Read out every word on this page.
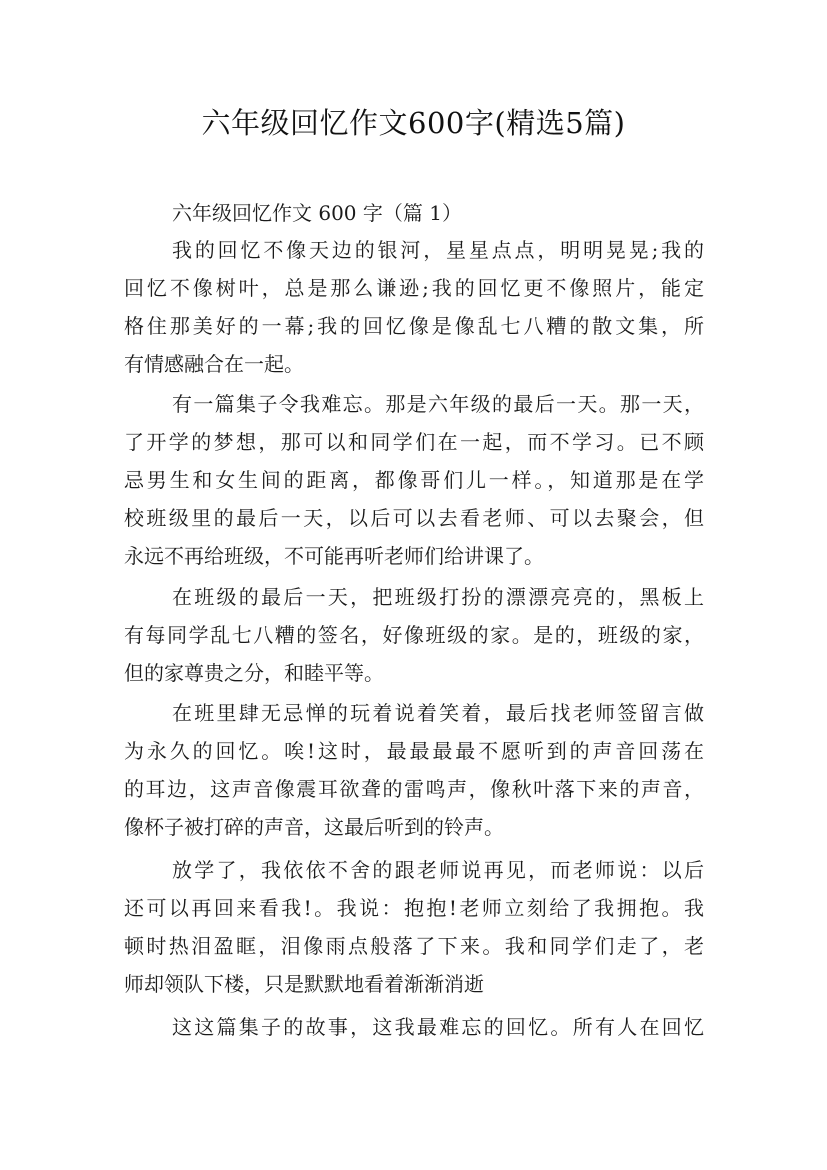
六年级回忆作文600字(精选5篇)
六年级回忆作文 600 字（篇 1）
我的回忆不像天边的银河，星星点点，明明晃晃;我的
回忆不像树叶，总是那么谦逊;我的回忆更不像照片，能定
格住那美好的一幕;我的回忆像是像乱七八糟的散文集，所
有情感融合在一起。
有一篇集子令我难忘。那是六年级的最后一天。那一天，
了开学的梦想，那可以和同学们在一起，而不学习。已不顾
忌男生和女生间的距离，都像哥们儿一样。，知道那是在学
校班级里的最后一天，以后可以去看老师、可以去聚会，但
永远不再给班级，不可能再听老师们给讲课了。
在班级的最后一天，把班级打扮的漂漂亮亮的，黑板上
有每同学乱七八糟的签名，好像班级的家。是的，班级的家，
但的家尊贵之分，和睦平等。
在班里肆无忌惮的玩着说着笑着，最后找老师签留言做
为永久的回忆。唉!这时，最最最最不愿听到的声音回荡在
的耳边，这声音像震耳欲聋的雷鸣声，像秋叶落下来的声音，
像杯子被打碎的声音，这最后听到的铃声。
放学了，我依依不舍的跟老师说再见，而老师说：以后
还可以再回来看我!。我说：抱抱!老师立刻给了我拥抱。我
顿时热泪盈眶，泪像雨点般落了下来。我和同学们走了，老
师却领队下楼，只是默默地看着渐渐消逝
这这篇集子的故事，这我最难忘的回忆。所有人在回忆
